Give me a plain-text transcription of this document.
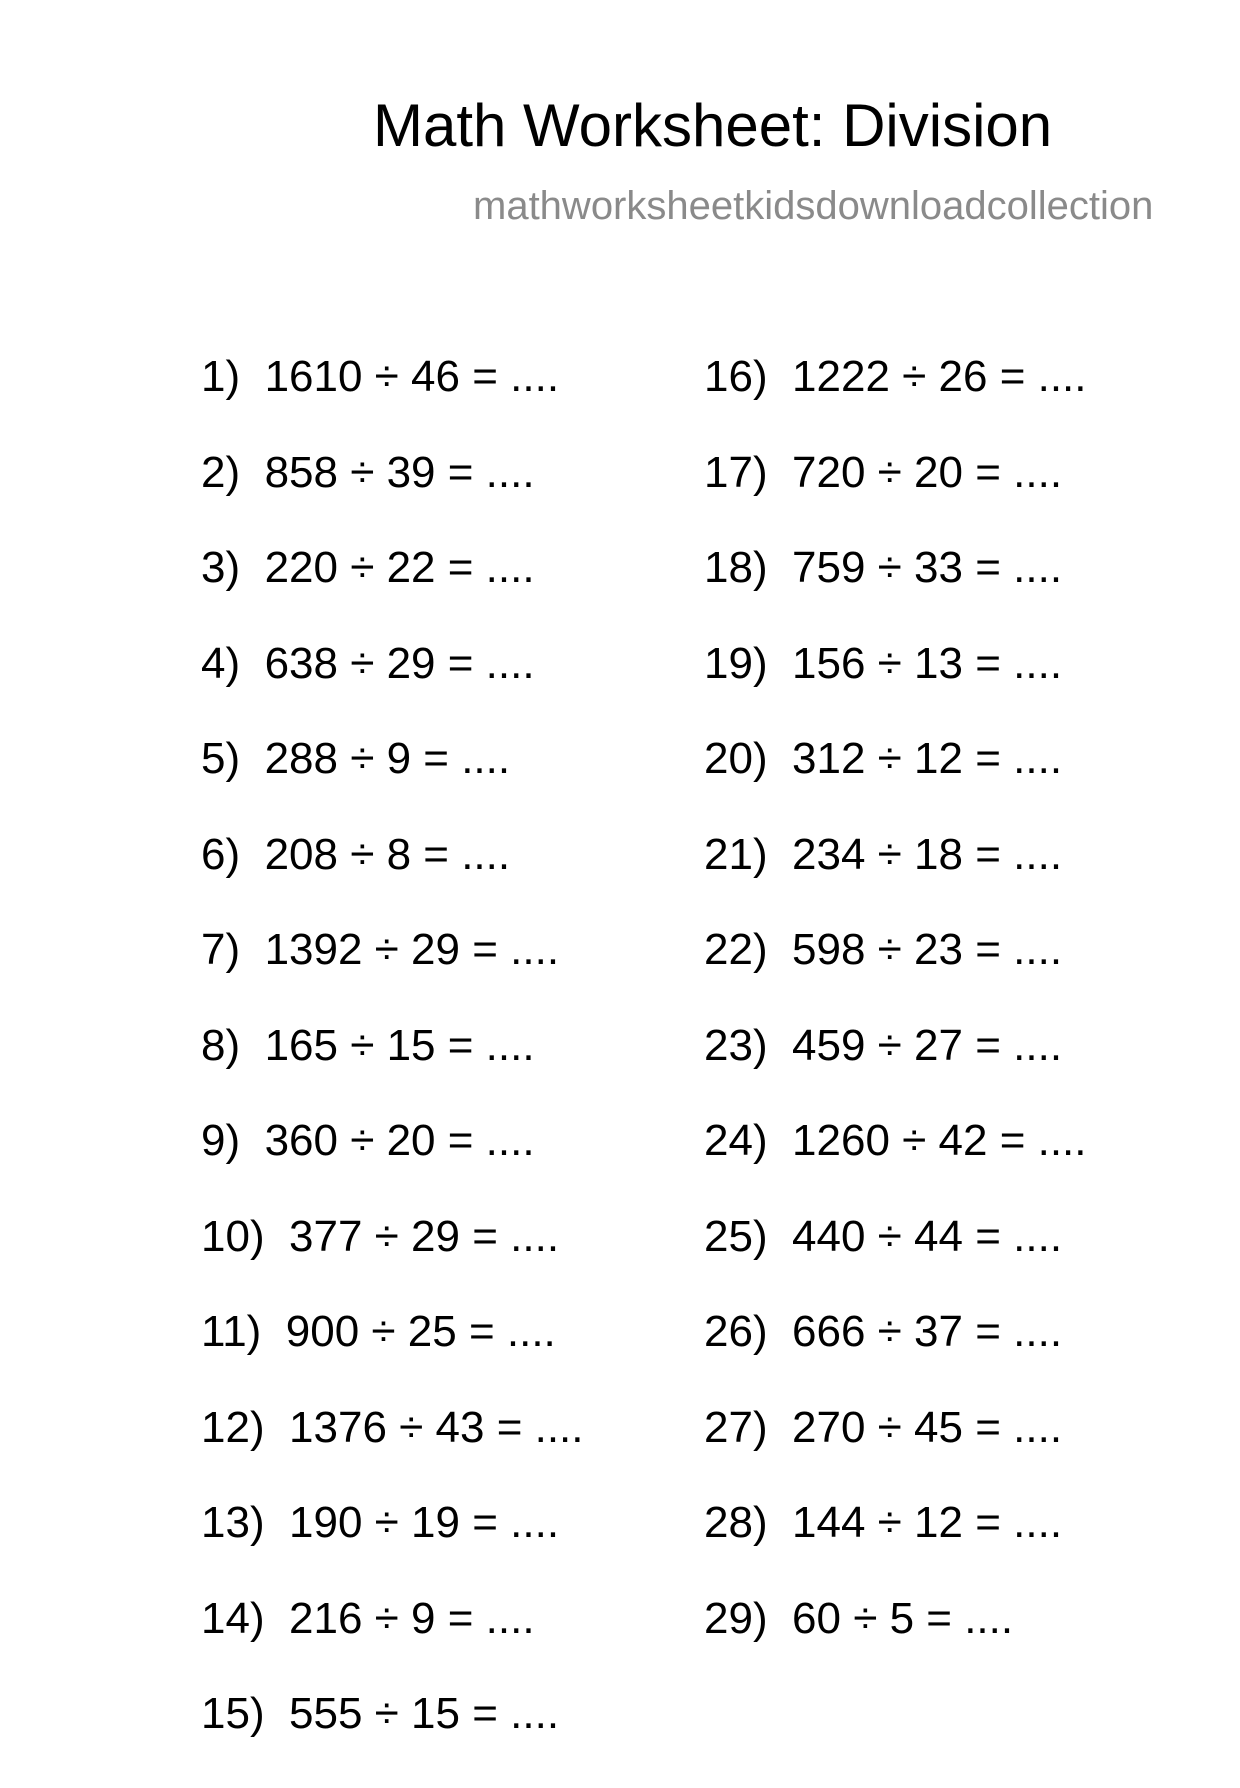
Math Worksheet: Division
mathworksheetkidsdownloadcollection
1)  1610 ÷ 46 = ....
2)  858 ÷ 39 = ....
3)  220 ÷ 22 = ....
4)  638 ÷ 29 = ....
5)  288 ÷ 9 = ....
6)  208 ÷ 8 = ....
7)  1392 ÷ 29 = ....
8)  165 ÷ 15 = ....
9)  360 ÷ 20 = ....
10)  377 ÷ 29 = ....
11)  900 ÷ 25 = ....
12)  1376 ÷ 43 = ....
13)  190 ÷ 19 = ....
14)  216 ÷ 9 = ....
15)  555 ÷ 15 = ....
16)  1222 ÷ 26 = ....
17)  720 ÷ 20 = ....
18)  759 ÷ 33 = ....
19)  156 ÷ 13 = ....
20)  312 ÷ 12 = ....
21)  234 ÷ 18 = ....
22)  598 ÷ 23 = ....
23)  459 ÷ 27 = ....
24)  1260 ÷ 42 = ....
25)  440 ÷ 44 = ....
26)  666 ÷ 37 = ....
27)  270 ÷ 45 = ....
28)  144 ÷ 12 = ....
29)  60 ÷ 5 = ....
